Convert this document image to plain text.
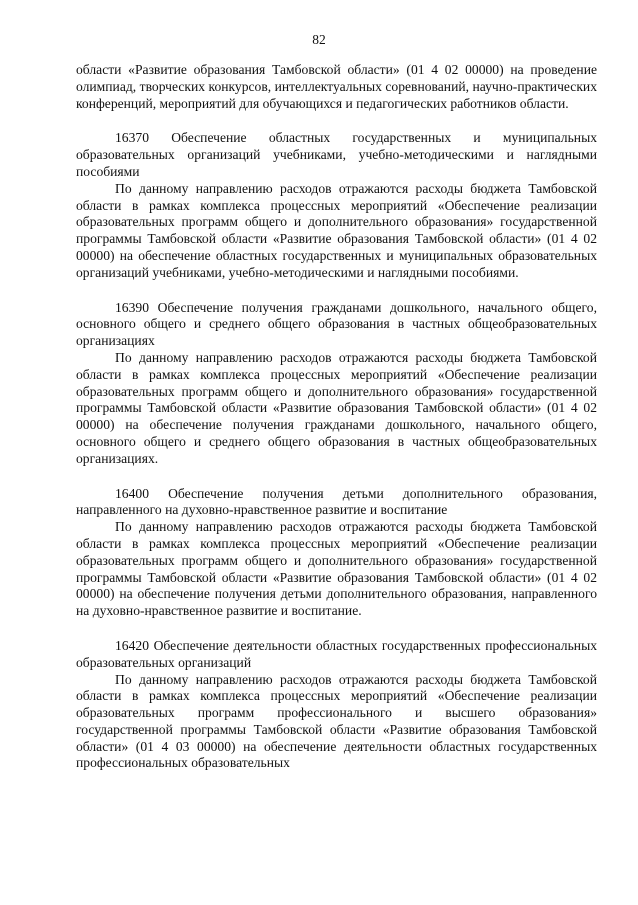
82

области «Развитие образования Тамбовской области» (01 4 02 00000) на проведение олимпиад, творческих конкурсов, интеллектуальных соревнований, научно-практических конференций, мероприятий для обучающихся и педагогических работников области.

16370 Обеспечение областных государственных и муниципальных образовательных организаций учебниками, учебно-методическими и наглядными пособиями

По данному направлению расходов отражаются расходы бюджета Тамбовской области в рамках комплекса процессных мероприятий «Обеспечение реализации образовательных программ общего и дополнительного образования» государственной программы Тамбовской области «Развитие образования Тамбовской области» (01 4 02 00000) на обеспечение областных государственных и муниципальных образовательных организаций учебниками, учебно-методическими и наглядными пособиями.

16390 Обеспечение получения гражданами дошкольного, начального общего, основного общего и среднего общего образования в частных общеобразовательных организациях

По данному направлению расходов отражаются расходы бюджета Тамбовской области в рамках комплекса процессных мероприятий «Обеспечение реализации образовательных программ общего и дополнительного образования» государственной программы Тамбовской области «Развитие образования Тамбовской области» (01 4 02 00000) на обеспечение получения гражданами дошкольного, начального общего, основного общего и среднего общего образования в частных общеобразовательных организациях.

16400 Обеспечение получения детьми дополнительного образования, направленного на духовно-нравственное развитие и воспитание

По данному направлению расходов отражаются расходы бюджета Тамбовской области в рамках комплекса процессных мероприятий «Обеспечение реализации образовательных программ общего и дополнительного образования» государственной программы Тамбовской области «Развитие образования Тамбовской области» (01 4 02 00000) на обеспечение получения детьми дополнительного образования, направленного на духовно-нравственное развитие и воспитание.

16420 Обеспечение деятельности областных государственных профессиональных образовательных организаций

По данному направлению расходов отражаются расходы бюджета Тамбовской области в рамках комплекса процессных мероприятий «Обеспечение реализации образовательных программ профессионального и высшего образования» государственной программы Тамбовской области «Развитие образования Тамбовской области» (01 4 03 00000) на обеспечение деятельности областных государственных профессиональных образовательных
